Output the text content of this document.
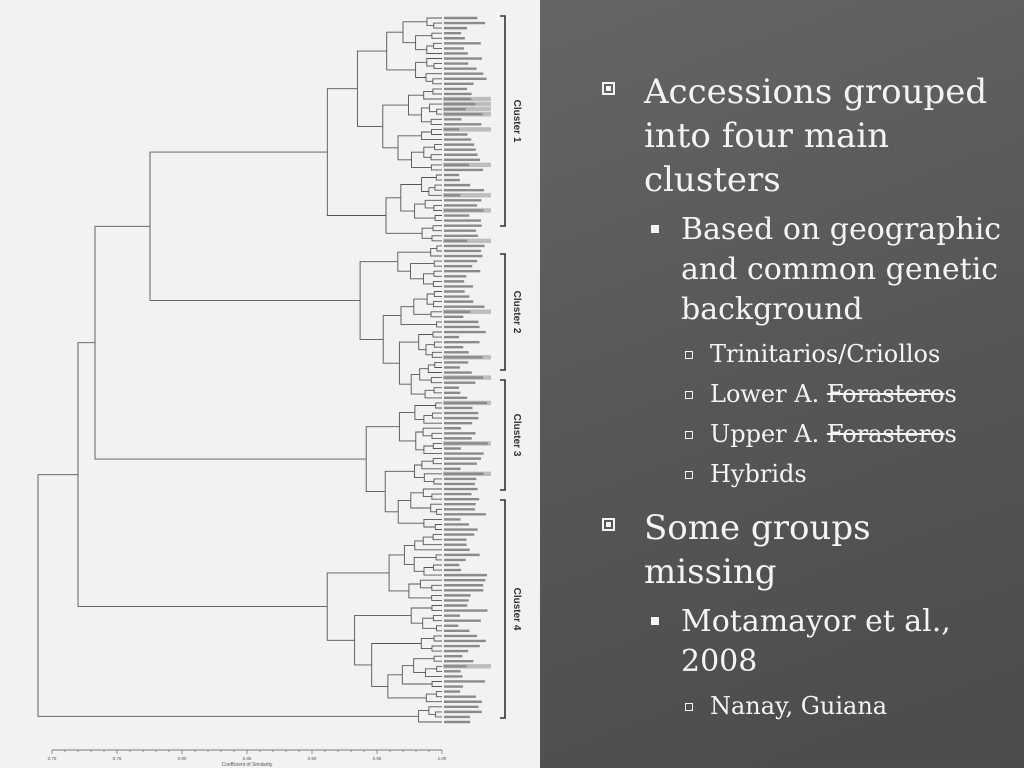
Cluster 1
Cluster 2
Cluster 3
Cluster 4
0.70	0.75	0.80	0.85	0.90	0.95	1.00
Coefficient of Similarity
Accessions grouped into four main clusters
Based on geographic and common genetic background
Trinitarios/Criollos
Lower A. Forasteros
Upper A. Forasteros
Hybrids
Some groups missing
Motamayor et al., 2008
Nanay, Guiana
